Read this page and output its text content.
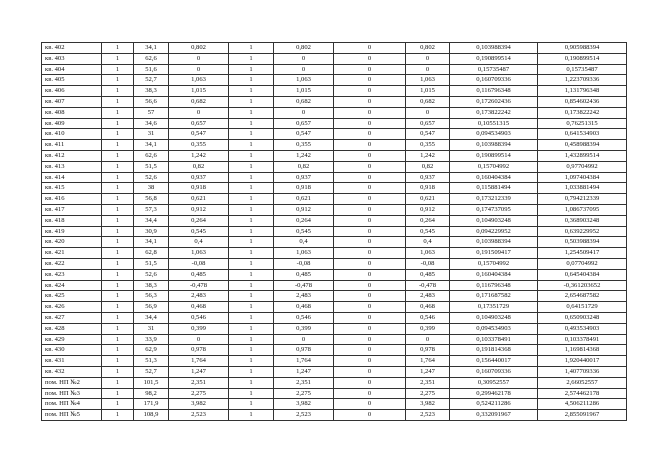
кв. 402	1	34,1	0,802	1	0,802	0	0,802	0,103988394	0,905988394
кв. 403	1	62,6	0	1	0	0	0	0,190899514	0,190899514
кв. 404	1	51,6	0	1	0	0	0	0,15735487	0,15735487
кв. 405	1	52,7	1,063	1	1,063	0	1,063	0,160709336	1,223709336
кв. 406	1	38,3	1,015	1	1,015	0	1,015	0,116796348	1,131796348
кв. 407	1	56,6	0,682	1	0,682	0	0,682	0,172602436	0,854602436
кв. 408	1	57	0	1	0	0	0	0,173822242	0,173822242
кв. 409	1	34,6	0,657	1	0,657	0	0,657	0,10551315	0,76251315
кв. 410	1	31	0,547	1	0,547	0	0,547	0,094534903	0,641534903
кв. 411	1	34,1	0,355	1	0,355	0	0,355	0,103988394	0,458988394
кв. 412	1	62,6	1,242	1	1,242	0	1,242	0,190899514	1,432899514
кв. 413	1	51,5	0,82	1	0,82	0	0,82	0,15704992	0,97704992
кв. 414	1	52,6	0,937	1	0,937	0	0,937	0,160404384	1,097404384
кв. 415	1	38	0,918	1	0,918	0	0,918	0,115881494	1,033881494
кв. 416	1	56,8	0,621	1	0,621	0	0,621	0,173212339	0,794212339
кв. 417	1	57,3	0,912	1	0,912	0	0,912	0,174737095	1,086737095
кв. 418	1	34,4	0,264	1	0,264	0	0,264	0,104903248	0,368903248
кв. 419	1	30,9	0,545	1	0,545	0	0,545	0,094229952	0,639229952
кв. 420	1	34,1	0,4	1	0,4	0	0,4	0,103988394	0,503988394
кв. 421	1	62,8	1,063	1	1,063	0	1,063	0,191509417	1,254509417
кв. 422	1	51,5	-0,08	1	-0,08	0	-0,08	0,15704992	0,07704992
кв. 423	1	52,6	0,485	1	0,485	0	0,485	0,160404384	0,645404384
кв. 424	1	38,3	-0,478	1	-0,478	0	-0,478	0,116796348	-0,361203652
кв. 425	1	56,3	2,483	1	2,483	0	2,483	0,171687582	2,654687582
кв. 426	1	56,9	0,468	1	0,468	0	0,468	0,17351729	0,64151729
кв. 427	1	34,4	0,546	1	0,546	0	0,546	0,104903248	0,650903248
кв. 428	1	31	0,399	1	0,399	0	0,399	0,094534903	0,493534903
кв. 429	1	33,9	0	1	0	0	0	0,103378491	0,103378491
кв. 430	1	62,9	0,978	1	0,978	0	0,978	0,191814368	1,169814368
кв. 431	1	51,3	1,764	1	1,764	0	1,764	0,156440017	1,920440017
кв. 432	1	52,7	1,247	1	1,247	0	1,247	0,160709336	1,407709336
пом. НП №2	1	101,5	2,351	1	2,351	0	2,351	0,30952557	2,66052557
пом. НП №3	1	98,2	2,275	1	2,275	0	2,275	0,299462178	2,574462178
пом. НП №4	1	171,9	3,982	1	3,982	0	3,982	0,524211286	4,506211286
пом. НП №5	1	108,9	2,523	1	2,523	0	2,523	0,332091967	2,855091967
